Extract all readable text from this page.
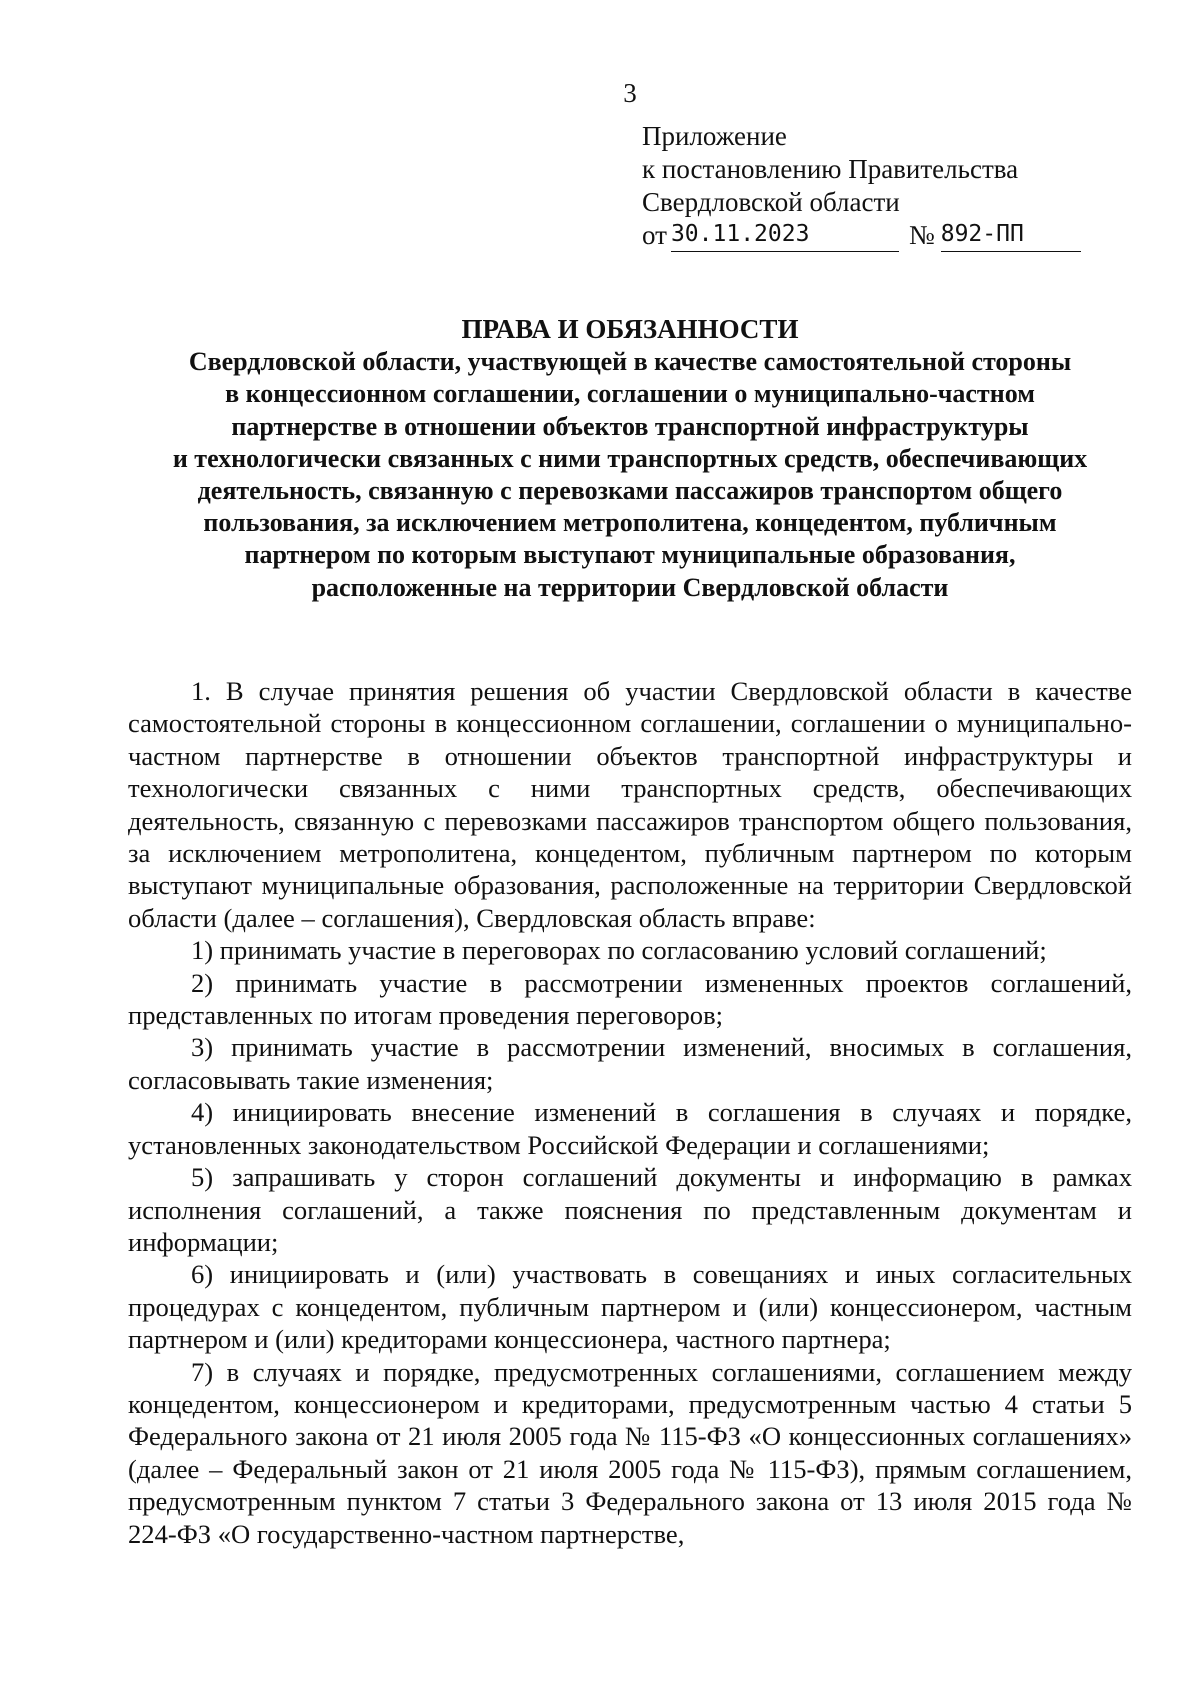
3
Приложение
к постановлению Правительства
Свердловской области
от 30.11.2023	№ 892-ПП
ПРАВА И ОБЯЗАННОСТИ
Свердловской области, участвующей в качестве самостоятельной стороны
в концессионном соглашении, соглашении о муниципально-частном
партнерстве в отношении объектов транспортной инфраструктуры
и технологически связанных с ними транспортных средств, обеспечивающих
деятельность, связанную с перевозками пассажиров транспортом общего
пользования, за исключением метрополитена, концедентом, публичным
партнером по которым выступают муниципальные образования,
расположенные на территории Свердловской области

1. В случае принятия решения об участии Свердловской области в качестве самостоятельной стороны в концессионном соглашении, соглашении о муниципально-частном партнерстве в отношении объектов транспортной инфраструктуры и технологически связанных с ними транспортных средств, обеспечивающих деятельность, связанную с перевозками пассажиров транспортом общего пользования, за исключением метрополитена, концедентом, публичным партнером по которым выступают муниципальные образования, расположенные на территории Свердловской области (далее – соглашения), Свердловская область вправе:

1) принимать участие в переговорах по согласованию условий соглашений;

2) принимать участие в рассмотрении измененных проектов соглашений, представленных по итогам проведения переговоров;

3) принимать участие в рассмотрении изменений, вносимых в соглашения, согласовывать такие изменения;

4) инициировать внесение изменений в соглашения в случаях и порядке, установленных законодательством Российской Федерации и соглашениями;

5) запрашивать у сторон соглашений документы и информацию в рамках исполнения соглашений, а также пояснения по представленным документам и информации;

6) инициировать и (или) участвовать в совещаниях и иных согласительных процедурах с концедентом, публичным партнером и (или) концессионером, частным партнером и (или) кредиторами концессионера, частного партнера;

7) в случаях и порядке, предусмотренных соглашениями, соглашением между концедентом, концессионером и кредиторами, предусмотренным частью 4 статьи 5 Федерального закона от 21 июля 2005 года № 115-ФЗ «О концессионных соглашениях» (далее – Федеральный закон от 21 июля 2005 года № 115-ФЗ), прямым соглашением, предусмотренным пунктом 7 статьи 3 Федерального закона от 13 июля 2015 года № 224-ФЗ «О государственно-частном партнерстве,
